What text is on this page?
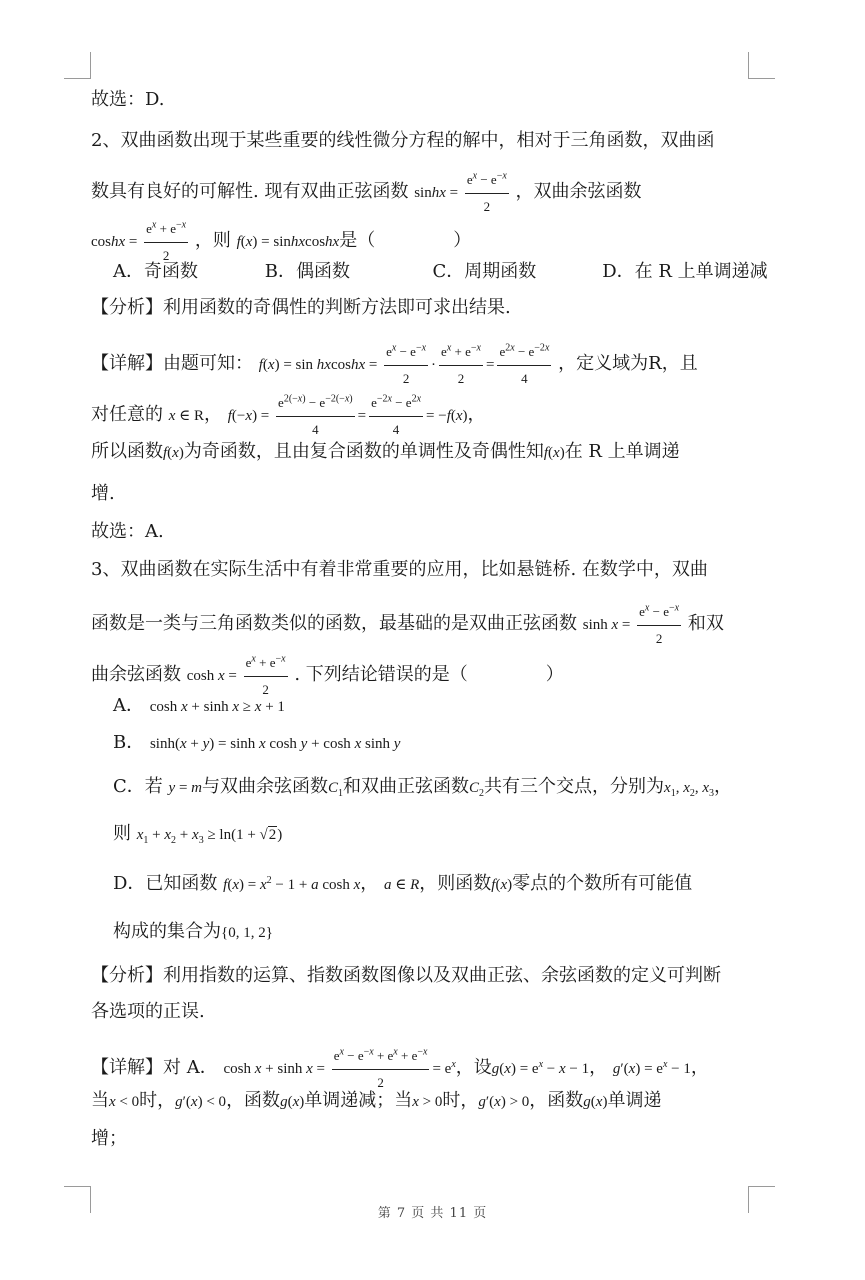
故选：D.
2、双曲函数出现于某些重要的线性微分方程的解中，相对于三角函数，双曲函
数具有良好的可解性. 现有双曲正弦函数 $\sinh x = \frac{e^x - e^{-x}}{2}$ ，双曲余弦函数
$\cosh x = \frac{e^x + e^{-x}}{2}$ ，则 f(x) = sinhxcoshx是（	）
A．奇函数	B．偶函数	C．周期函数	D．在 R 上单调递减
【分析】利用函数的奇偶性的判断方法即可求出结果.
【详解】由题可知： $f(x) = \sin hxcoshx = \frac{e^x - e^{-x}}{2} \cdot \frac{e^x + e^{-x}}{2} = \frac{e^{2x} - e^{-2x}}{4}$ ，定义域为R，且
对任意的 x ∈ R， $f(-x) = \frac{e^{2(-x)} - e^{-2(-x)}}{4} = \frac{e^{-2x} - e^{2x}}{4} = -f(x)$，
所以函数f(x)为奇函数，且由复合函数的单调性及奇偶性知f(x)在 R 上单调递
增.
故选：A.
3、双曲函数在实际生活中有着非常重要的应用，比如悬链桥. 在数学中，双曲
函数是一类与三角函数类似的函数，最基础的是双曲正弦函数 $\sinh x = \frac{e^x - e^{-x}}{2}$ 和双
曲余弦函数 $\cosh x = \frac{e^x + e^{-x}}{2}$ . 下列结论错误的是（	）
A． cosh x + sinh x ≥ x + 1
B． sinh(x + y) = sinh x cosh y + cosh x sinh y
C．若 y = m与双曲余弦函数$C_1$和双曲正弦函数$C_2$共有三个交点，分别为$x_1$, $x_2$, $x_3$，
则 $x_1 + x_2 + x_3 \ge \ln(1 + √2)$
D．已知函数 $f(x) = x^2 - 1 + a$ cosh x， a ∈ R，则函数f(x)零点的个数所有可能值
构成的集合为{0, 1, 2}
【分析】利用指数的运算、指数函数图像以及双曲正弦、余弦函数的定义可判断
各选项的正误.
【详解】对 A． $\cosh x + \sinh x = \frac{e^x - e^{-x} + e^x + e^{-x}}{2} = e^x$，设$g(x) = e^x - x - 1$， $g'(x) = e^x - 1$，
当x < 0时，g′(x) < 0，函数g(x)单调递减；当x > 0时，g′(x) > 0，函数g(x)单调递
增；
第 7 页 共 11 页
